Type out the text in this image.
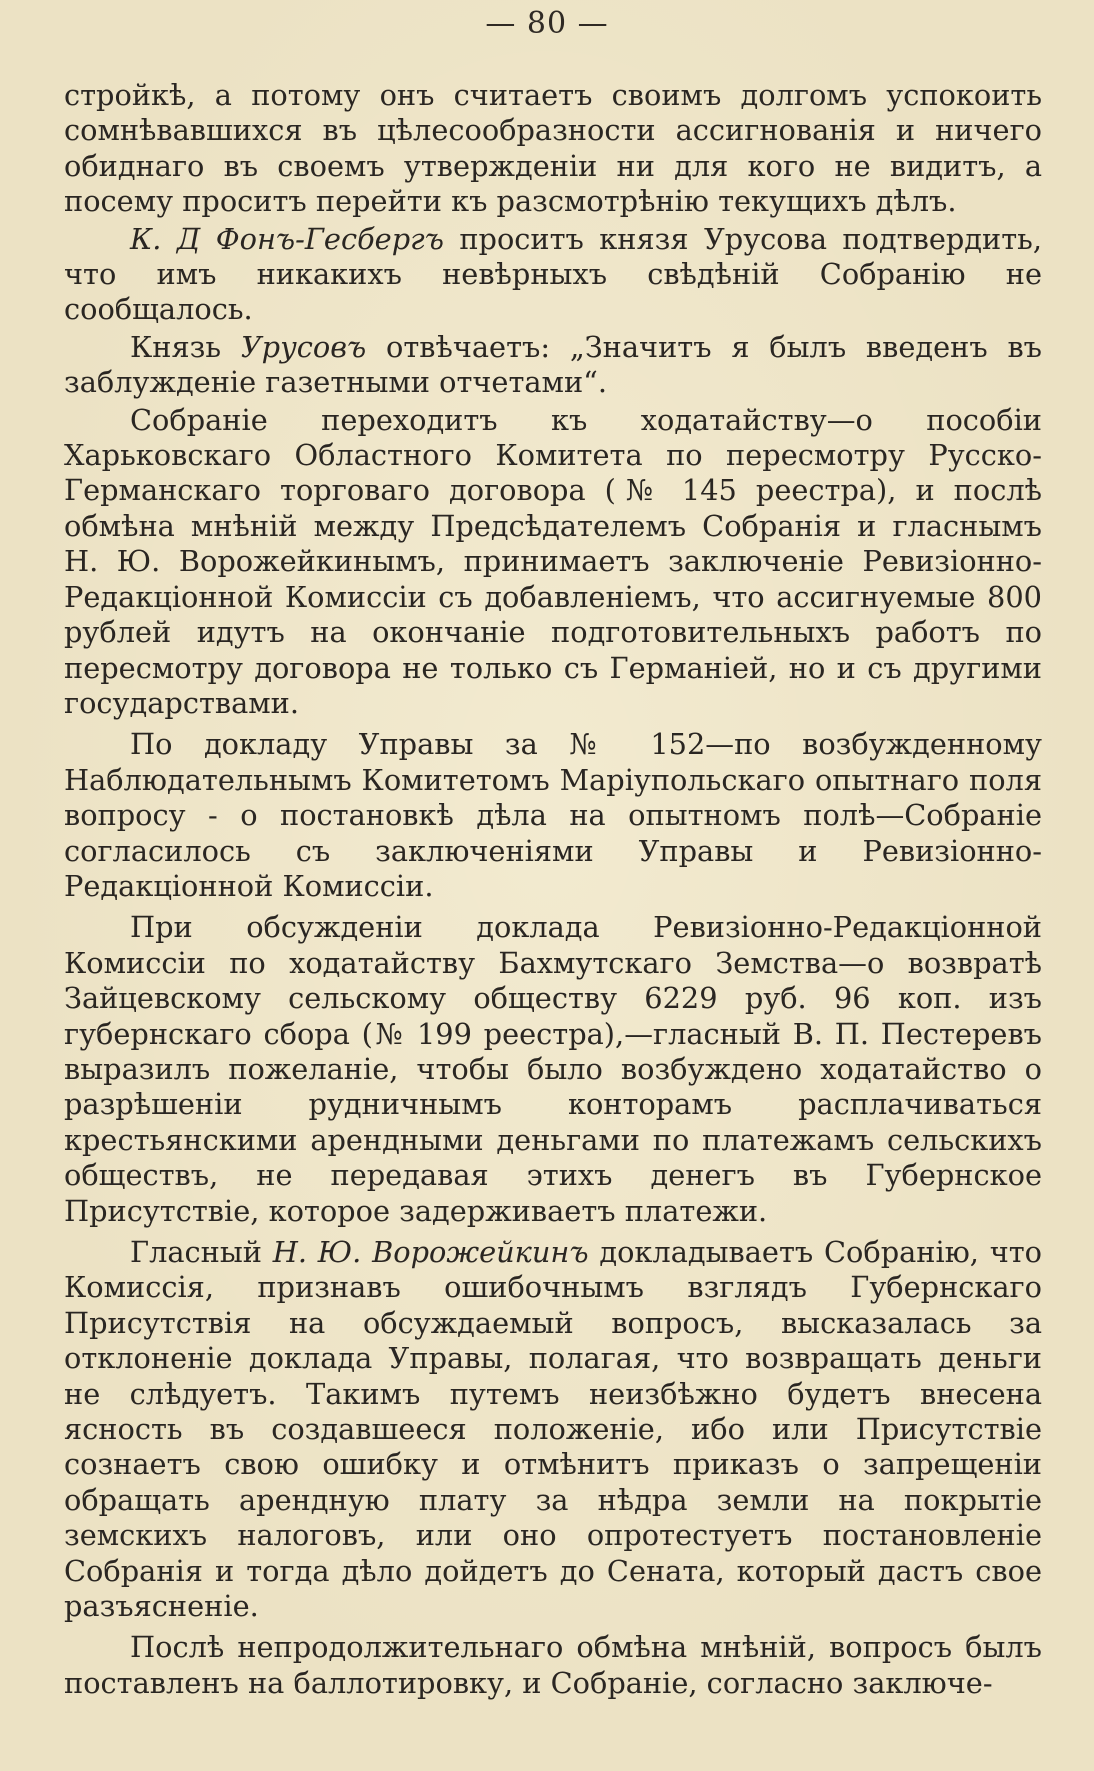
— 80 —

стройкѣ, а потому онъ считаетъ своимъ долгомъ успокоить сомнѣвавшихся въ цѣлесообразности ассигнованія и ничего обиднаго въ своемъ утвержденіи ни для кого не видитъ, а посему проситъ перейти къ разсмотрѣнію текущихъ дѣлъ.

К. Д Фонъ-Гесбергъ проситъ князя Урусова подтвердить, что имъ никакихъ невѣрныхъ свѣдѣній Собранію не сообщалось.

Князь Урусовъ отвѣчаетъ: „Значитъ я былъ введенъ въ заблужденіе газетными отчетами“.

Собраніе переходитъ къ ходатайству—о пособіи Харьковскаго Областного Комитета по пересмотру Русско-Германскаго торговаго договора (№ 145 реестра), и послѣ обмѣна мнѣній между Предсѣдателемъ Собранія и гласнымъ Н. Ю. Ворожейкинымъ, принимаетъ заключеніе Ревизіонно-Редакціонной Комиссіи съ добавленіемъ, что ассигнуемые 800 рублей идутъ на окончаніе подготовительныхъ работъ по пересмотру договора не только съ Германіей, но и съ другими государствами.

По докладу Управы за № 152—по возбужденному Наблюдательнымъ Комитетомъ Маріупольскаго опытнаго поля вопросу - о постановкѣ дѣла на опытномъ полѣ—Собраніе согласилось съ заключеніями Управы и Ревизіонно-Редакціонной Комиссіи.

При обсужденіи доклада Ревизіонно-Редакціонной Комиссіи по ходатайству Бахмутскаго Земства—о возвратѣ Зайцевскому сельскому обществу 6229 руб. 96 коп. изъ губернскаго сбора (№ 199 реестра),—гласный В. П. Пестеревъ выразилъ пожеланіе, чтобы было возбуждено ходатайство о разрѣшеніи рудничнымъ конторамъ расплачиваться крестьянскими арендными деньгами по платежамъ сельскихъ обществъ, не передавая этихъ денегъ въ Губернское Присутствіе, которое задерживаетъ платежи.

Гласный Н. Ю. Ворожейкинъ докладываетъ Собранію, что Комиссія, признавъ ошибочнымъ взглядъ Губернскаго Присутствія на обсуждаемый вопросъ, высказалась за отклоненіе доклада Управы, полагая, что возвращать деньги не слѣдуетъ. Такимъ путемъ неизбѣжно будетъ внесена ясность въ создавшееся положеніе, ибо или Присутствіе сознаетъ свою ошибку и отмѣнитъ приказъ о запрещеніи обращать арендную плату за нѣдра земли на покрытіе земскихъ налоговъ, или оно опротестуетъ постановленіе Собранія и тогда дѣло дойдетъ до Сената, который дастъ свое разъясненіе.

Послѣ непродолжительнаго обмѣна мнѣній, вопросъ былъ поставленъ на баллотировку, и Собраніе, согласно заключе-
